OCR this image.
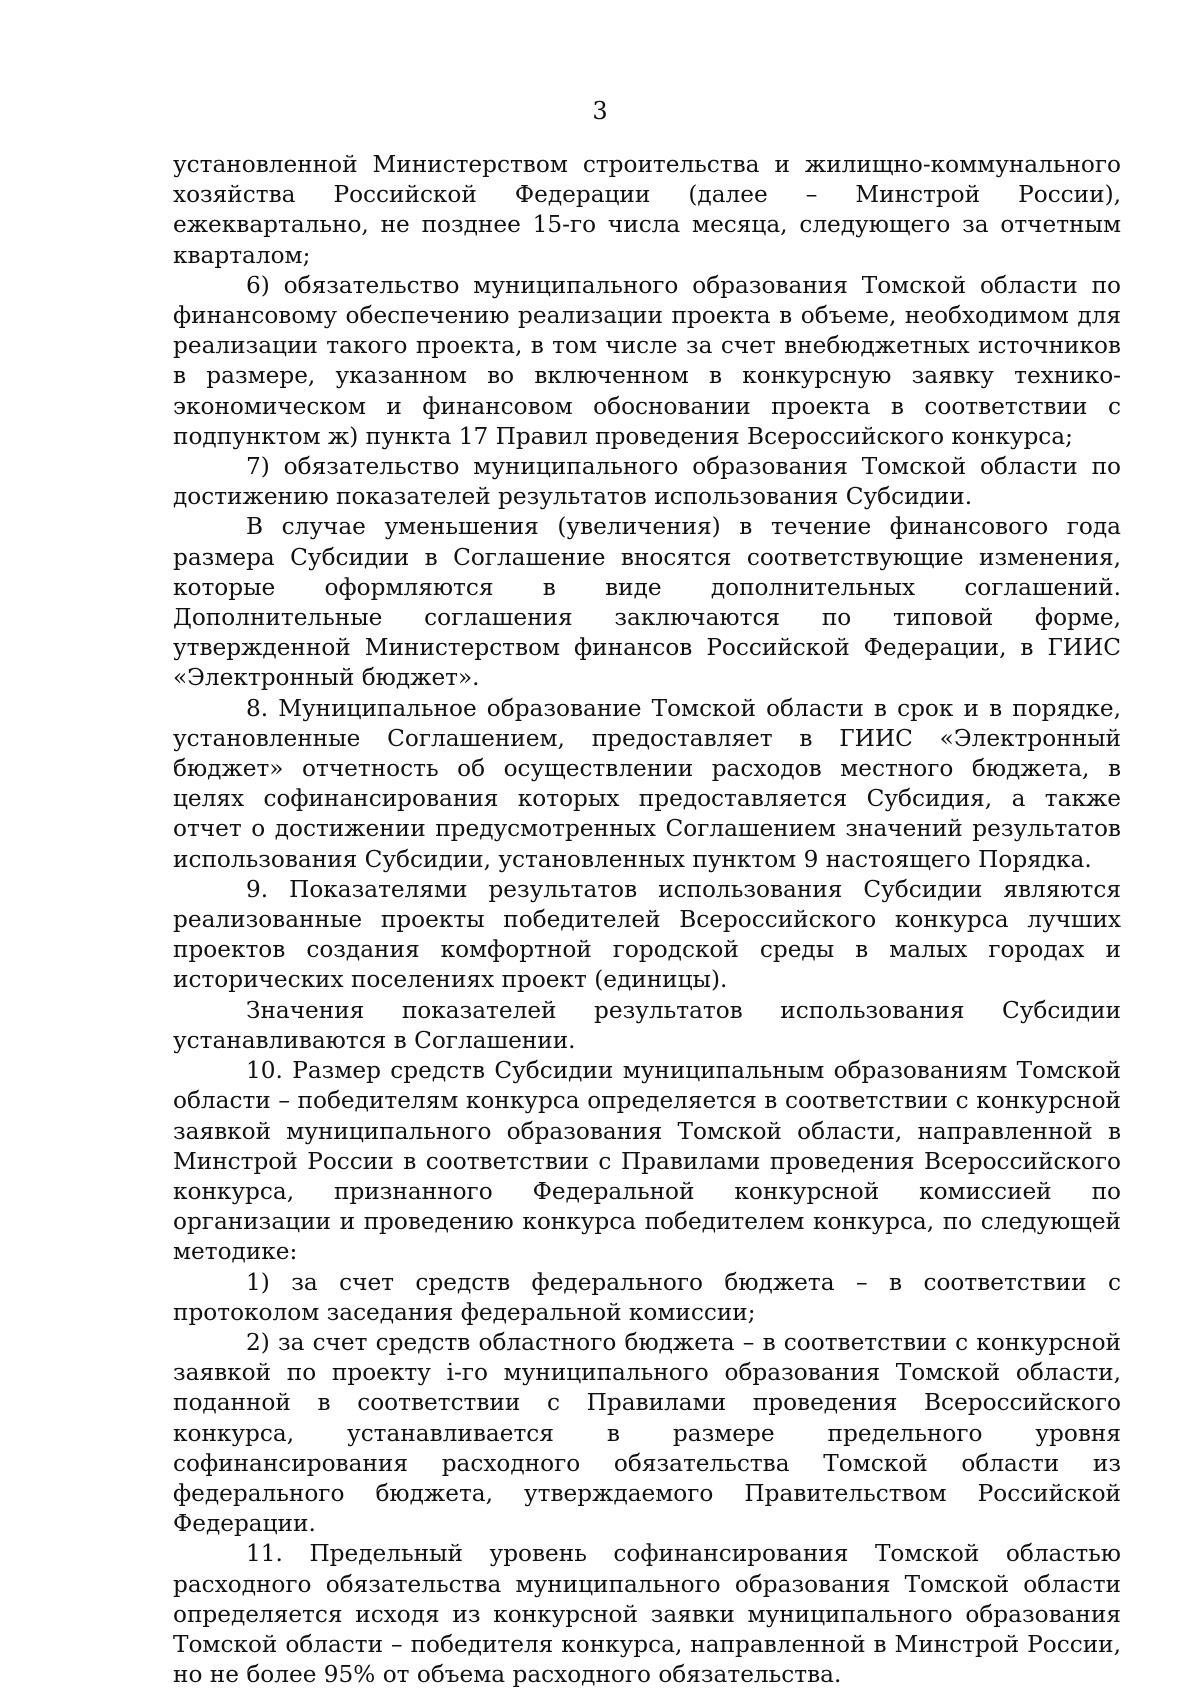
3

установленной Министерством строительства и жилищно-коммунального хозяйства Российской Федерации (далее – Минстрой России), ежеквартально, не позднее 15-го числа месяца, следующего за отчетным кварталом;

6) обязательство муниципального образования Томской области по финансовому обеспечению реализации проекта в объеме, необходимом для реализации такого проекта, в том числе за счет внебюджетных источников в размере, указанном во включенном в конкурсную заявку технико-экономическом и финансовом обосновании проекта в соответствии с подпунктом ж) пункта 17 Правил проведения Всероссийского конкурса;

7) обязательство муниципального образования Томской области по достижению показателей результатов использования Субсидии.

В случае уменьшения (увеличения) в течение финансового года размера Субсидии в Соглашение вносятся соответствующие изменения, которые оформляются в виде дополнительных соглашений. Дополнительные соглашения заключаются по типовой форме, утвержденной Министерством финансов Российской Федерации, в ГИИС «Электронный бюджет».

8. Муниципальное образование Томской области в срок и в порядке, установленные Соглашением, предоставляет в ГИИС «Электронный бюджет» отчетность об осуществлении расходов местного бюджета, в целях софинансирования которых предоставляется Субсидия, а также отчет о достижении предусмотренных Соглашением значений результатов использования Субсидии, установленных пунктом 9 настоящего Порядка.

9. Показателями результатов использования Субсидии являются реализованные проекты победителей Всероссийского конкурса лучших проектов создания комфортной городской среды в малых городах и исторических поселениях проект (единицы).

Значения показателей результатов использования Субсидии устанавливаются в Соглашении.

10. Размер средств Субсидии муниципальным образованиям Томской области – победителям конкурса определяется в соответствии с конкурсной заявкой муниципального образования Томской области, направленной в Минстрой России в соответствии с Правилами проведения Всероссийского конкурса, признанного Федеральной конкурсной комиссией по организации и проведению конкурса победителем конкурса, по следующей методике:

1) за счет средств федерального бюджета – в соответствии с протоколом заседания федеральной комиссии;

2) за счет средств областного бюджета – в соответствии с конкурсной заявкой по проекту i-го муниципального образования Томской области, поданной в соответствии с Правилами проведения Всероссийского конкурса, устанавливается в размере предельного уровня софинансирования расходного обязательства Томской области из федерального бюджета, утверждаемого Правительством Российской Федерации.

11. Предельный уровень софинансирования Томской областью расходного обязательства муниципального образования Томской области определяется исходя из конкурсной заявки муниципального образования Томской области – победителя конкурса, направленной в Минстрой России, но не более 95% от объема расходного обязательства.
